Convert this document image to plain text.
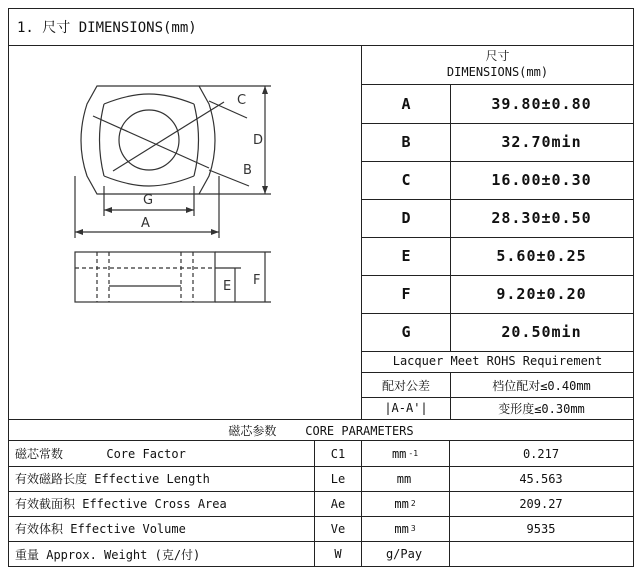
1. 尺寸 DIMENSIONS(mm)
C
B
D
G
A
E F
尺寸
DIMENSIONS(mm)
A	39.80±0.80
B	32.70min
C	16.00±0.30
D	28.30±0.50
E	5.60±0.25
F	9.20±0.20
G	20.50min
Lacquer Meet ROHS Requirement
配对公差	档位配对≤0.40mm
|A-A'|	变形度≤0.30mm
磁芯参数    CORE PARAMETERS
磁芯常数      Core Factor	C1	mm -1	0.217
有效磁路长度 Effective Length	Le	mm	45.563
有效截面积 Effective Cross Area	Ae	mm 2	209.27
有效体积 Effective Volume	Ve	mm 3	9535
重量 Approx. Weight (克/付)	W	g/Pay
